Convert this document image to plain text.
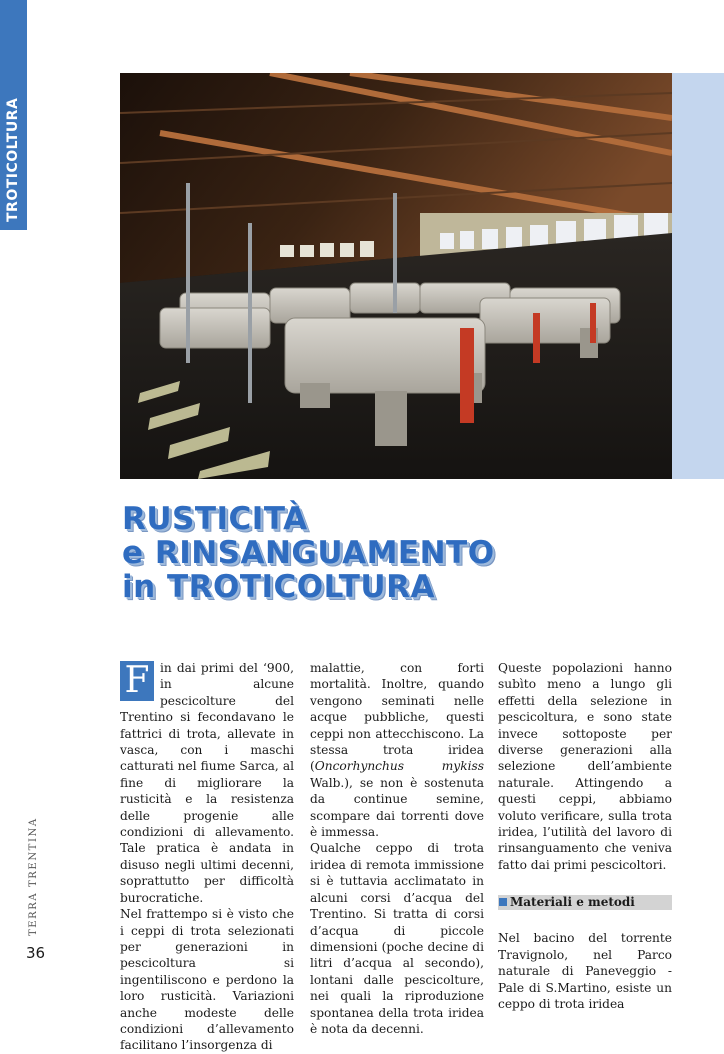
TROTICOLTURA
RUSTICITÀ
e RINSANGUAMENTO
in TROTICOLTURA
F in dai primi del ‘900, in alcune pescicolture del Trentino si fecondavano le fattrici di trota, allevate in vasca, con i maschi catturati nel fiume Sarca, al fine di migliorare la rusticità e la resistenza delle progenie alle condizioni di allevamento. Tale pratica è andata in disuso negli ultimi decenni, soprattutto per difficoltà burocratiche.

Nel frattempo si è visto che i ceppi di trota selezionati per generazioni in pescicoltura si ingentiliscono e perdono la loro rusticità. Variazioni anche modeste delle condizioni d’allevamento facilitano l’insorgenza di

malattie, con forti mortalità. Inoltre, quando vengono seminati nelle acque pubbliche, questi ceppi non attecchiscono. La stessa trota iridea (Oncorhynchus mykiss Walb.), se non è sostenuta da continue semine, scompare dai torrenti dove è immessa.

Qualche ceppo di trota iridea di remota immissione si è tuttavia acclimatato in alcuni corsi d’acqua del Trentino. Si tratta di corsi d’acqua di piccole dimensioni (poche decine di litri d’acqua al secondo), lontani dalle pescicolture, nei quali la riproduzione spontanea della trota iridea è nota da decenni.

Queste popolazioni hanno subìto meno a lungo gli effetti della selezione in pescicoltura, e sono state invece sottoposte per diverse generazioni alla selezione dell’ambiente naturale. Attingendo a questi ceppi, abbiamo voluto verificare, sulla trota iridea, l’utilità del lavoro di rinsanguamento che veniva fatto dai primi pescicoltori.

Materiali e metodi

Nel bacino del torrente Travignolo, nel Parco naturale di Paneveggio - Pale di S.Martino, esiste un ceppo di trota iridea

TERRA TRENTINA
36
